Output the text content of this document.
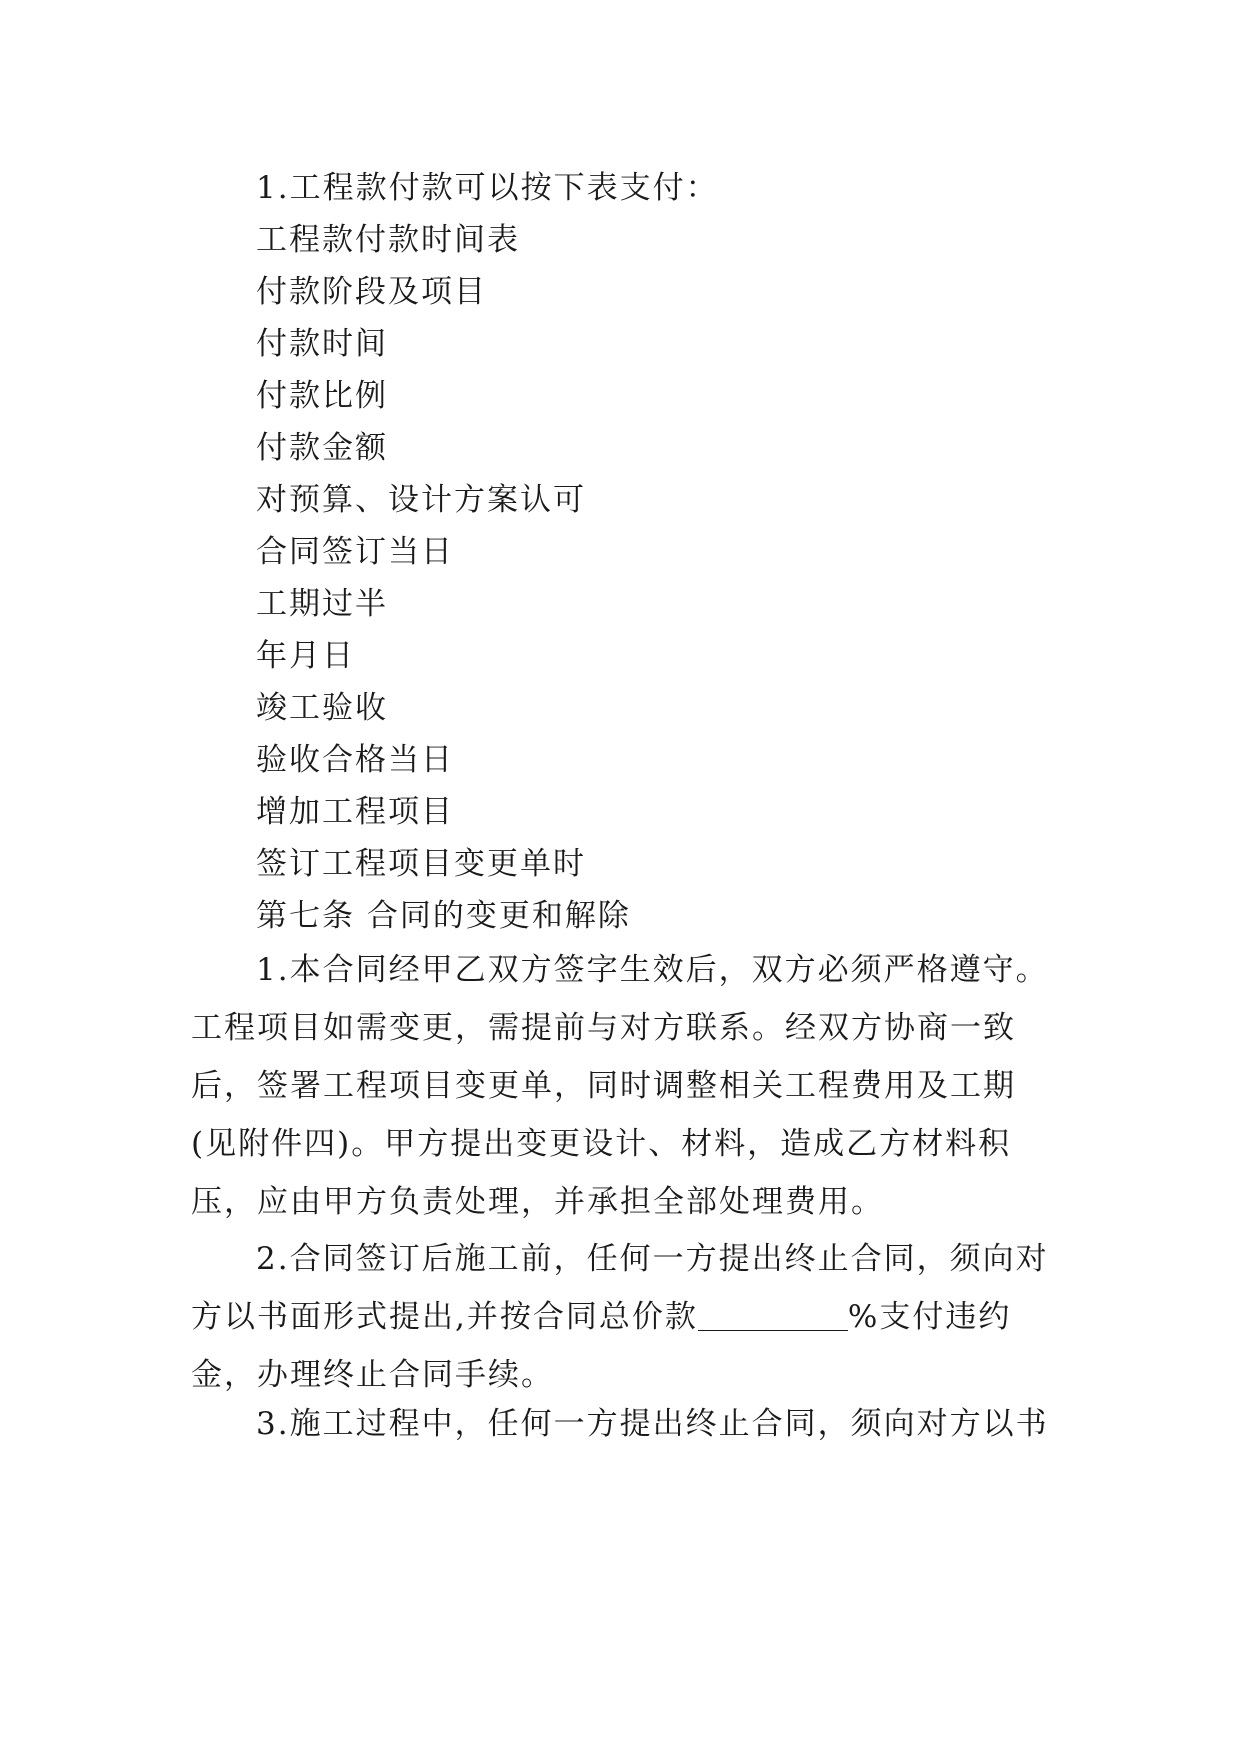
1.工程款付款可以按下表支付：
工程款付款时间表
付款阶段及项目
付款时间
付款比例
付款金额
对预算、设计方案认可
合同签订当日
工期过半
年月日
竣工验收
验收合格当日
增加工程项目
签订工程项目变更单时
第七条 合同的变更和解除

1.本合同经甲乙双方签字生效后，双方必须严格遵守。工程项目如需变更，需提前与对方联系。经双方协商一致后，签署工程项目变更单，同时调整相关工程费用及工期(见附件四)。甲方提出变更设计、材料，造成乙方材料积压，应由甲方负责处理，并承担全部处理费用。

2.合同签订后施工前，任何一方提出终止合同，须向对方以书面形式提出,并按合同总价款	%支付违约金，办理终止合同手续。

3.施工过程中，任何一方提出终止合同，须向对方以书
